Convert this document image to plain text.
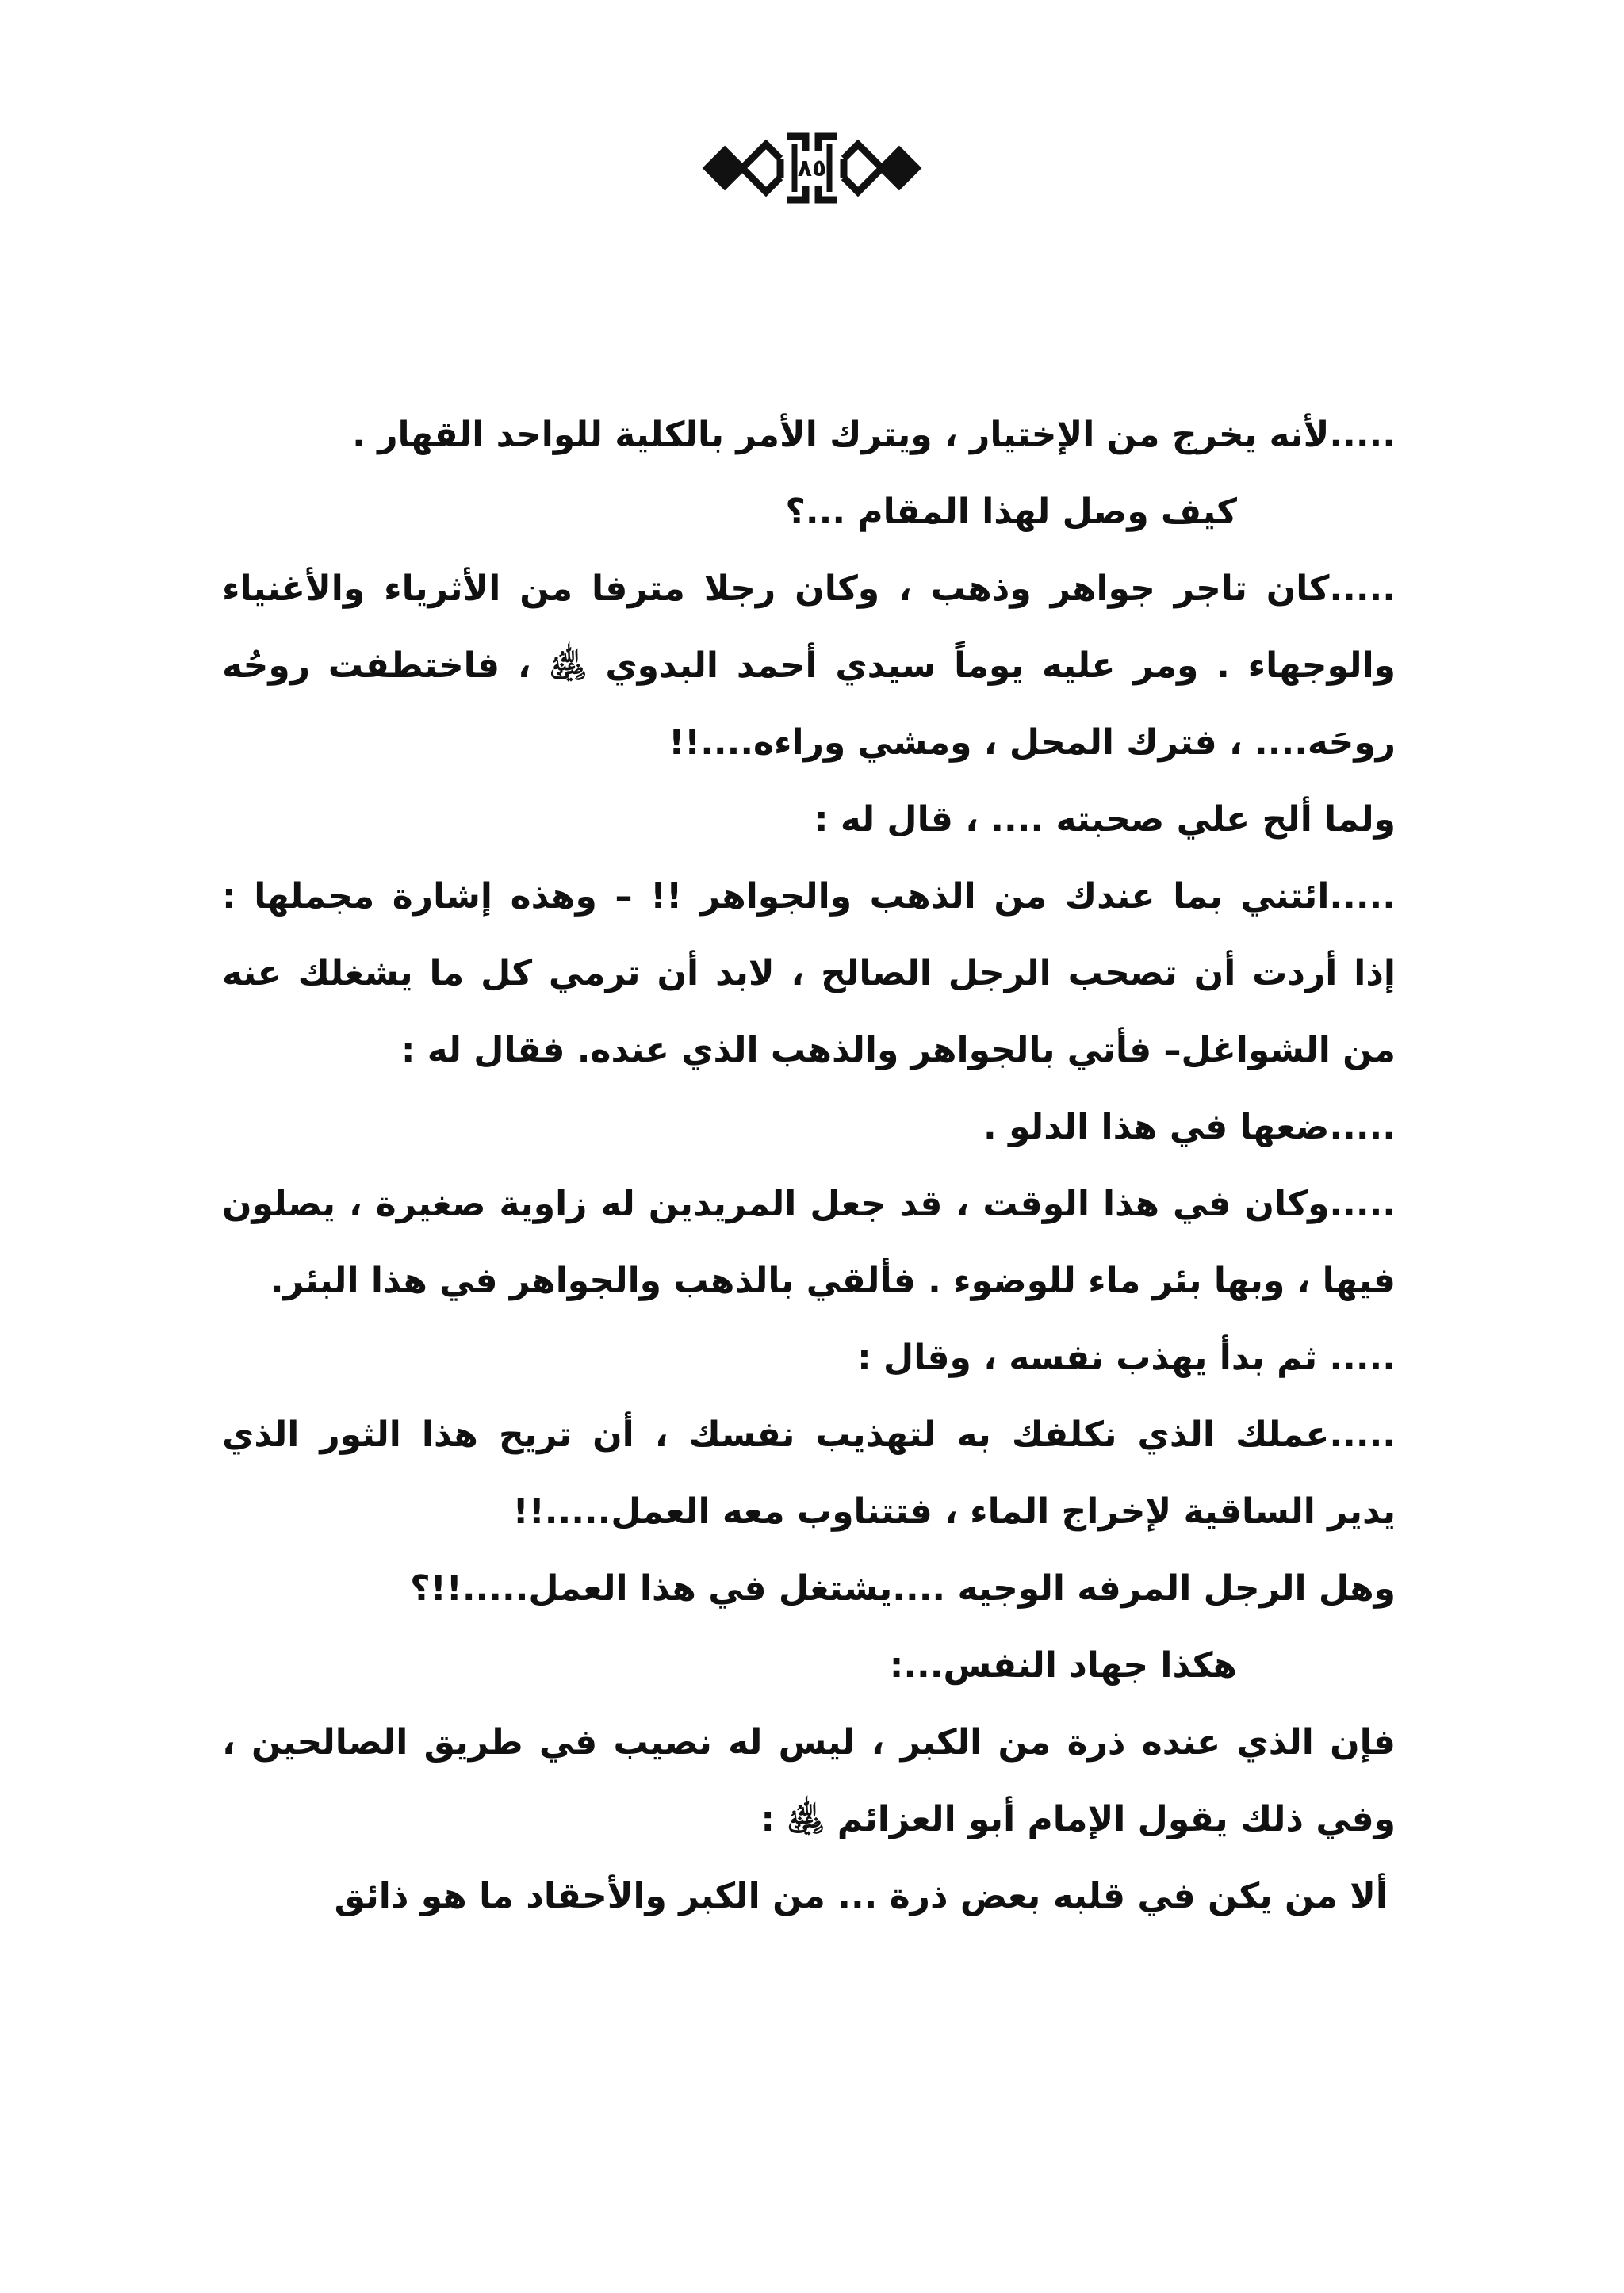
٨٥
.....لأنه يخرج من الإختيار ، ويترك الأمر بالكلية للواحد القهار .
كيف وصل لهذا المقام ...؟
.....كان تاجر جواهر وذهب ، وكان رجلا مترفا من الأثرياء والأغنياء
والوجهاء . ومر عليه يوماً سيدي أحمد البدوي ﵁ ، فاختطفت روحُه
روحَه.... ، فترك المحل ، ومشي وراءه....!!
ولما ألح علي صحبته .... ، قال له :
.....ائتني بما عندك من الذهب والجواهر !! – وهذه إشارة مجملها :
إذا أردت أن تصحب الرجل الصالح ، لابد أن ترمي كل ما يشغلك عنه
من الشواغل– فأتي بالجواهر والذهب الذي عنده. فقال له :
.....ضعها في هذا الدلو .
.....وكان في هذا الوقت ، قد جعل المريدين له زاوية صغيرة ، يصلون
فيها ، وبها بئر ماء للوضوء . فألقي بالذهب والجواهر في هذا البئر.
..... ثم بدأ يهذب نفسه ، وقال :
.....عملك الذي نكلفك به لتهذيب نفسك ، أن تريح هذا الثور الذي
يدير الساقية لإخراج الماء ، فتتناوب معه العمل.....!!
وهل الرجل المرفه الوجيه ....يشتغل في هذا العمل.....!!؟
هكذا جهاد النفس...:
فإن الذي عنده ذرة من الكبر ، ليس له نصيب في طريق الصالحين ،
وفي ذلك يقول الإمام أبو العزائم ﵁ :
ألا من يكن في قلبه بعض ذرة ... من الكبر والأحقاد ما هو ذائق
